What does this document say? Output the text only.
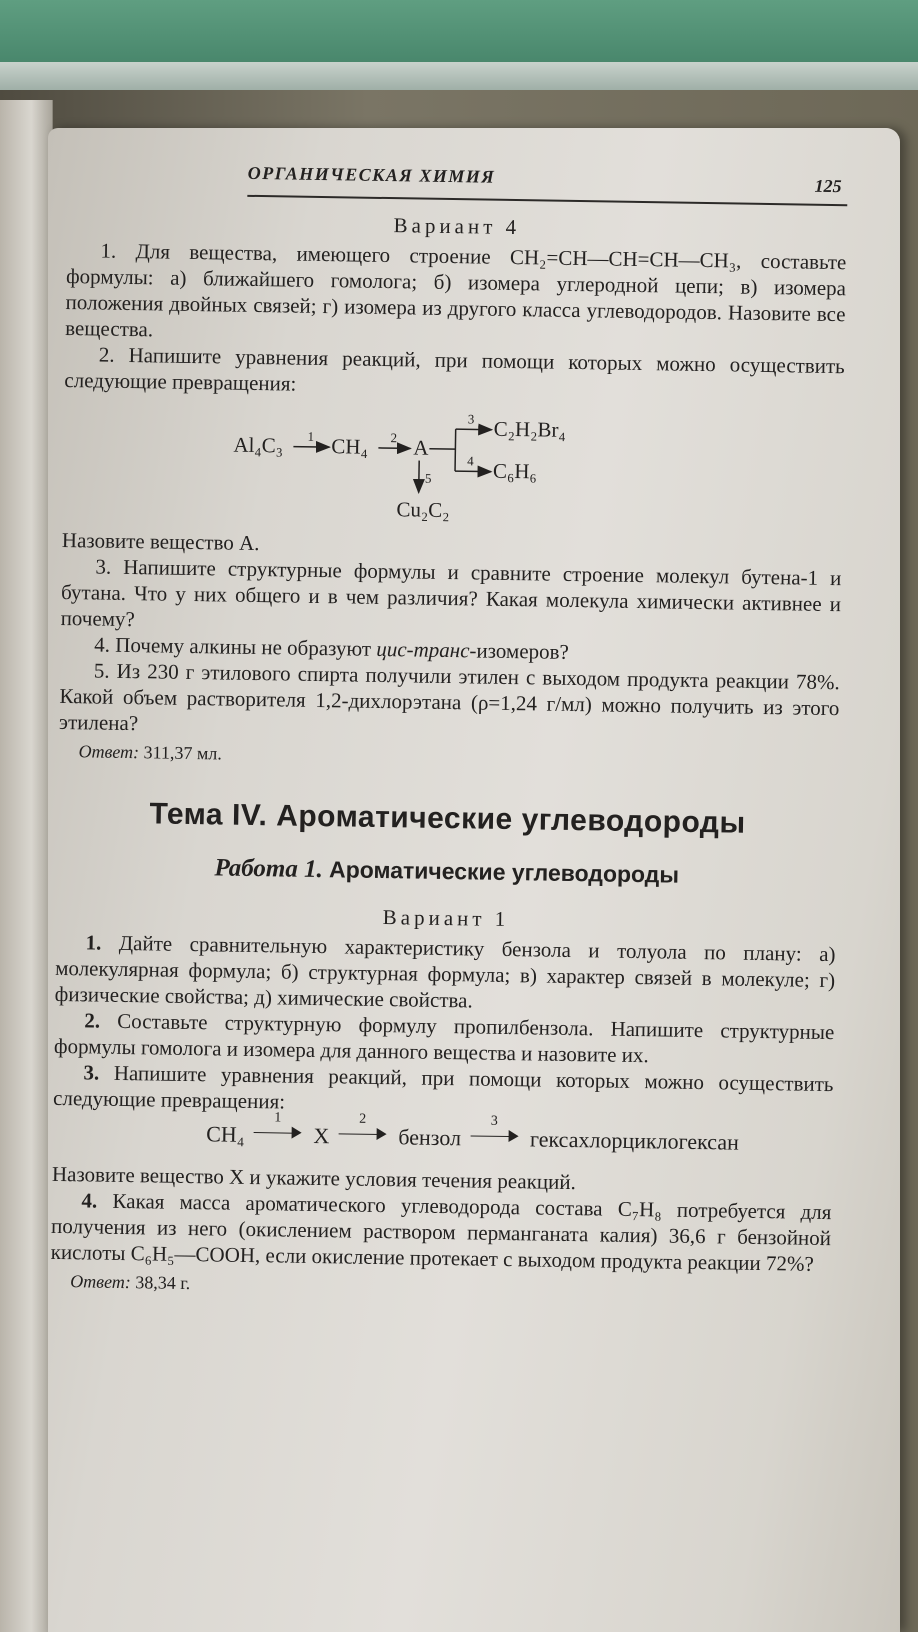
ОРГАНИЧЕСКАЯ ХИМИЯ	125
Вариант 4

1. Для вещества, имеющего строение CH₂=CH—CH=CH—CH₃, составьте формулы: а) ближайшего гомолога; б) изомера углеродной цепи; в) изомера положения двойных связей; г) изомера из другого класса углеводородов. Назовите все вещества.

2. Напишите уравнения реакций, при помощи которых можно осуществить следующие превращения:

Al₄C₃ 1 CH₄ 2 A
3 C₂H₂Br₄
4 C₆H₆
5
Cu₂C₂

Назовите вещество А.

3. Напишите структурные формулы и сравните строение молекул бутена-1 и бутана. Что у них общего и в чем различия? Какая молекула химически активнее и почему?

4. Почему алкины не образуют цис-транс-изомеров?

5. Из 230 г этилового спирта получили этилен с выходом продукта реакции 78%. Какой объем растворителя 1,2-дихлорэтана (ρ=1,24 г/мл) можно получить из этого этилена?

Ответ: 311,37 мл.
Тема IV. Ароматические углеводороды
Работа 1. Ароматические углеводороды
Вариант 1

1. Дайте сравнительную характеристику бензола и толуола по плану: а) молекулярная формула; б) структурная формула; в) характер связей в молекуле; г) физические свойства; д) химические свойства.

2. Составьте структурную формулу пропилбензола. Напишите структурные формулы гомолога и изомера для данного вещества и назовите их.

3. Напишите уравнения реакций, при помощи которых можно осуществить следующие превращения:

CH₄
1
X
2
бензол
3
гексахлорциклогексан

Назовите вещество X и укажите условия течения реакций.

4. Какая масса ароматического углеводорода состава C₇H₈ потребуется для получения из него (окислением раствором перманганата калия) 36,6 г бензойной кислоты C₆H₅—COOH, если окисление протекает с выходом продукта реакции 72%?

Ответ: 38,34 г.
